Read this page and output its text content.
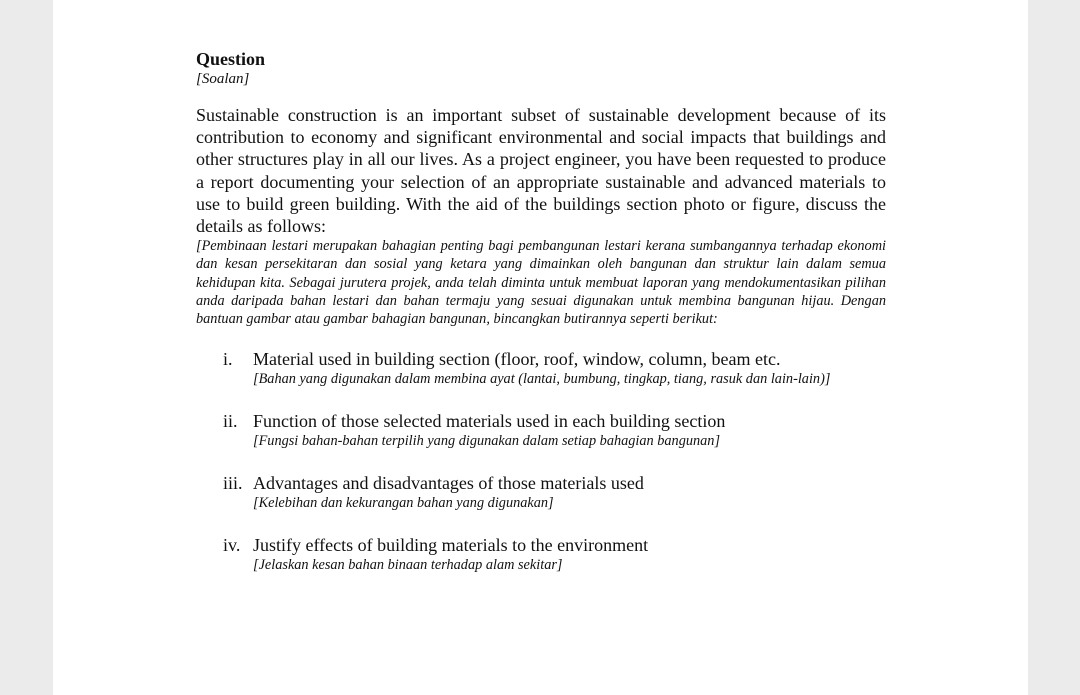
Question

[Soalan]

Sustainable construction is an important subset of sustainable development because of its contribution to economy and significant environmental and social impacts that buildings and other structures play in all our lives. As a project engineer, you have been requested to produce a report documenting your selection of an appropriate sustainable and advanced materials to use to build green building. With the aid of the buildings section photo or figure, discuss the details as follows:

[Pembinaan lestari merupakan bahagian penting bagi pembangunan lestari kerana sumbangannya terhadap ekonomi dan kesan persekitaran dan sosial yang ketara yang dimainkan oleh bangunan dan struktur lain dalam semua kehidupan kita. Sebagai jurutera projek, anda telah diminta untuk membuat laporan yang mendokumentasikan pilihan anda daripada bahan lestari dan bahan termaju yang sesuai digunakan untuk membina bangunan hijau. Dengan bantuan gambar atau gambar bahagian bangunan, bincangkan butirannya seperti berikut:

i.	Material used in building section (floor, roof, window, column, beam etc.
[Bahan yang digunakan dalam membina ayat (lantai, bumbung, tingkap, tiang, rasuk dan lain-lain)]
ii. Function of those selected materials used in each building section
[Fungsi bahan-bahan terpilih yang digunakan dalam setiap bahagian bangunan]
iii. Advantages and disadvantages of those materials used
[Kelebihan dan kekurangan bahan yang digunakan]
iv. Justify effects of building materials to the environment
[Jelaskan kesan bahan binaan terhadap alam sekitar]
